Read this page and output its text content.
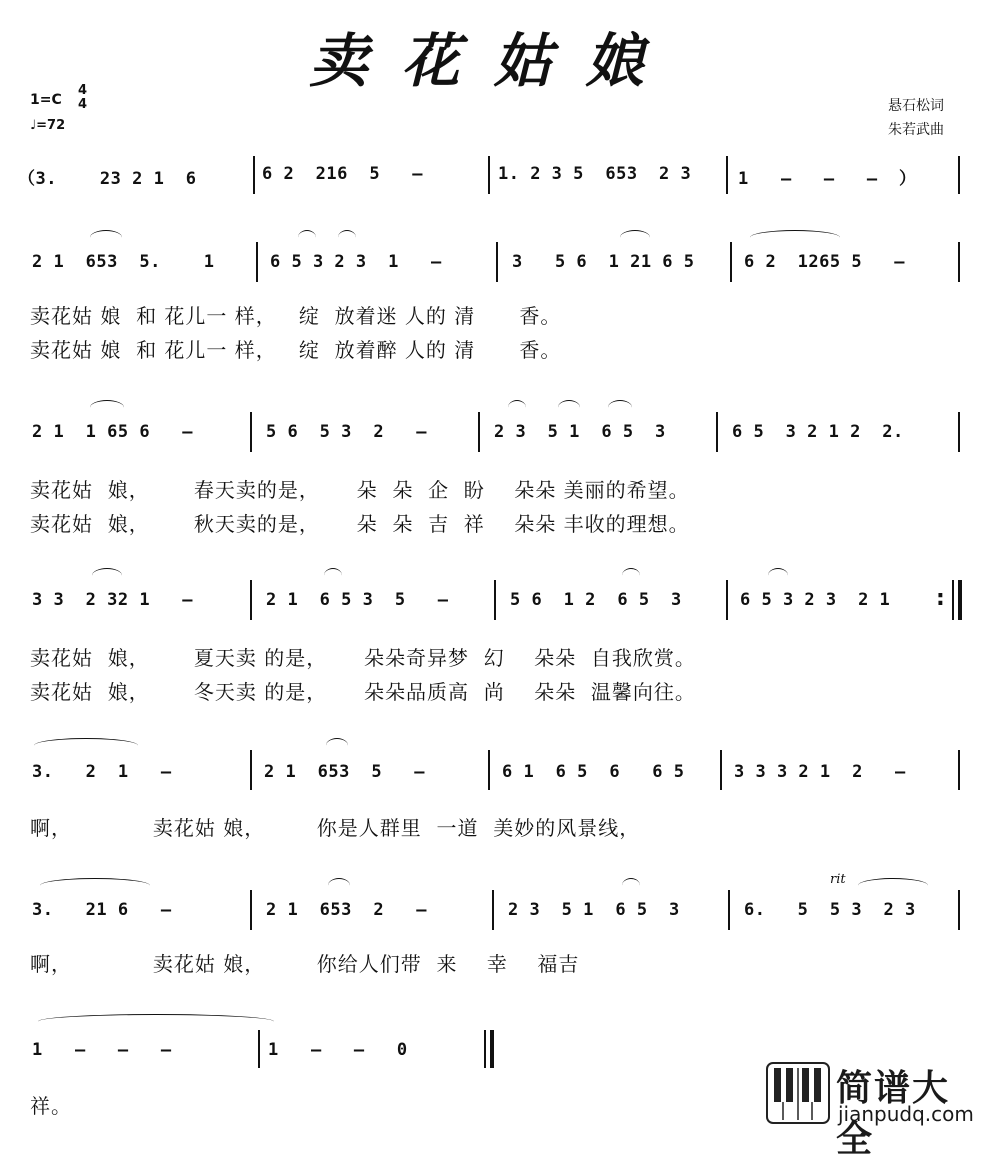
卖花姑娘
1=C
4
4
♩=72
悬石松词
朱若武曲
（3.    23 2 1  6	6 2  216  5   –	1. 2 3 5  653  2 3	1   –   –   –  ）
2 1  653  5.    1	6 5 3 2 3  1   –	3   5 6  1 21 6 5	6 2  1265 5   –
卖花姑 娘  和 花儿一 样，   绽  放着迷 人的 清      香。
卖花姑 娘  和 花儿一 样，   绽  放着醉 人的 清      香。
2 1  1 65 6   –	5 6  5 3  2   –	2 3  5 1  6 5  3	6 5  3 2 1 2  2.
卖花姑  娘，      春天卖的是，     朵  朵  企  盼    朵朵 美丽的希望。
卖花姑  娘，      秋天卖的是，     朵  朵  吉  祥    朵朵 丰收的理想。
:
3 3  2 32 1   –	2 1  6 5 3  5   –	5 6  1 2  6 5  3	6 5 3 2 3  2 1
卖花姑  娘，      夏天卖 的是，     朵朵奇异梦  幻    朵朵  自我欣赏。
卖花姑  娘，      冬天卖 的是，     朵朵品质高  尚    朵朵  温馨向往。
3.   2  1   –	2 1  653  5   –	6 1  6 5  6   6 5	3 3 3 2 1  2   –
啊，           卖花姑 娘，       你是人群里  一道  美妙的风景线，
rit
3.   21 6   –	2 1  653  2   –	2 3  5 1  6 5  3	6.   5  5 3  2 3
啊，           卖花姑 娘，       你给人们带  来    幸    福吉
1   –   –   –	1   –   –   0
祥。	简谱大全
jianpudq.com
